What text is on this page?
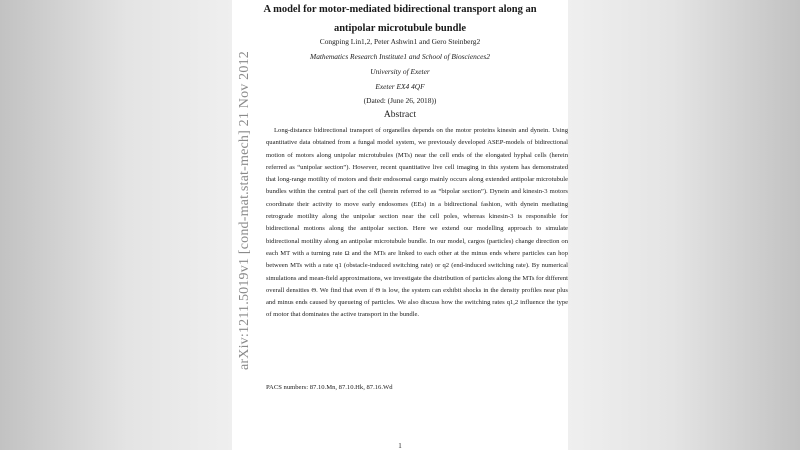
A model for motor-mediated bidirectional transport along an antipolar microtubule bundle
Congping Lin1,2, Peter Ashwin1 and Gero Steinberg2
Mathematics Research Institute1 and School of Biosciences2
University of Exeter
Exeter EX4 4QF
(Dated: (June 26, 2018))
Abstract

Long-distance bidirectional transport of organelles depends on the motor proteins kinesin and dynein. Using quantitative data obtained from a fungal model system, we previously developed ASEP-models of bidirectional motion of motors along unipolar microtubules (MTs) near the cell ends of the elongated hyphal cells (herein referred as “unipolar section”). However, recent quantitative live cell imaging in this system has demonstrated that long-range motility of motors and their endosomal cargo mainly occurs along extended antipolar microtubule bundles within the central part of the cell (herein referred to as “bipolar section”). Dynein and kinesin-3 motors coordinate their activity to move early endosomes (EEs) in a bidirectional fashion, with dynein mediating retrograde motility along the unipolar section near the cell poles, whereas kinesin-3 is responsible for bidirectional motions along the antipolar section. Here we extend our modelling approach to simulate bidirectional motility along an antipolar microtubule bundle. In our model, cargos (particles) change direction on each MT with a turning rate Ω and the MTs are linked to each other at the minus ends where particles can hop between MTs with a rate q1 (obstacle-induced switching rate) or q2 (end-induced switching rate). By numerical simulations and mean-field approximations, we investigate the distribution of particles along the MTs for different overall densities Θ. We find that even if Θ is low, the system can exhibit shocks in the density profiles near plus and minus ends caused by queueing of particles. We also discuss how the switching rates q1,2 influence the type of motor that dominates the active transport in the bundle.

PACS numbers: 87.10.Mn, 87.10.Hk, 87.16.Wd
1
arXiv:1211.5019v1 [cond-mat.stat-mech] 21 Nov 2012
